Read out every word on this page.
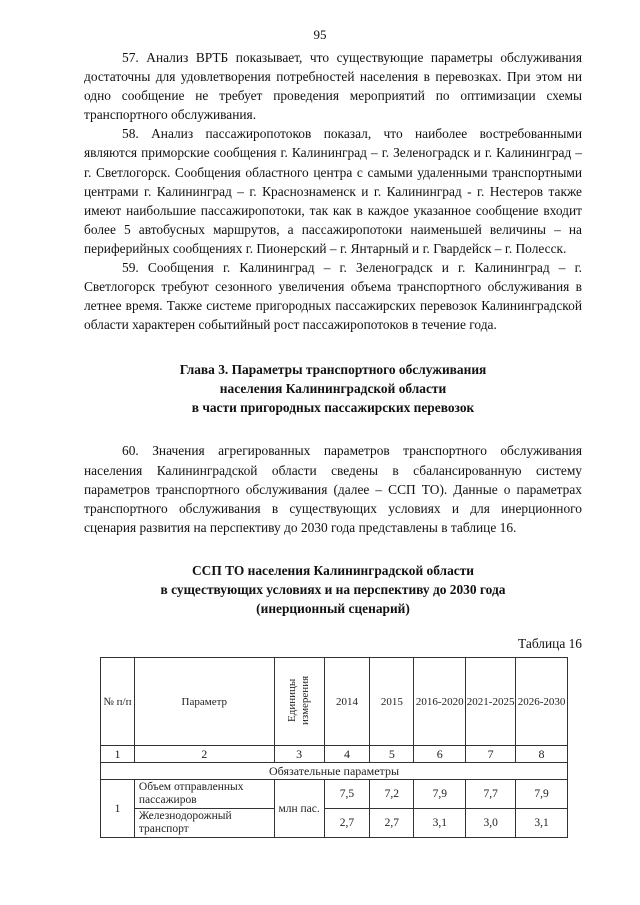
95

57. Анализ ВРТБ показывает, что существующие параметры обслуживания достаточны для удовлетворения потребностей населения в перевозках. При этом ни одно сообщение не требует проведения мероприятий по оптимизации схемы транспортного обслуживания.

58. Анализ пассажиропотоков показал, что наиболее востребованными являются приморские сообщения г. Калининград – г. Зеленоградск и г. Калининград – г. Светлогорск. Сообщения областного центра с самыми удаленными транспортными центрами г. Калининград – г. Краснознаменск и г. Калининград - г. Нестеров также имеют наибольшие пассажиропотоки, так как в каждое указанное сообщение входит более 5 автобусных маршрутов, а пассажиропотоки наименьшей величины – на периферийных сообщениях г. Пионерский – г. Янтарный и г. Гвардейск – г. Полесск.

59. Сообщения г. Калининград – г. Зеленоградск и г. Калининград – г. Светлогорск требуют сезонного увеличения объема транспортного обслуживания в летнее время. Также системе пригородных пассажирских перевозок Калининградской области характерен событийный рост пассажиропотоков в течение года.

Глава 3. Параметры транспортного обслуживания
населения Калининградской области
в части пригородных пассажирских перевозок

60. Значения агрегированных параметров транспортного обслуживания населения Калининградской области сведены в сбалансированную систему параметров транспортного обслуживания (далее – ССП ТО). Данные о параметрах транспортного обслуживания в существующих условиях и для инерционного сценария развития на перспективу до 2030 года представлены в таблице 16.

ССП ТО населения Калининградской области
в существующих условиях и на перспективу до 2030 года
(инерционный сценарий)
Таблица 16
№ п/п	Параметр	Единицы измерения	2014	2015	2016-2020	2021-2025	2026-2030
1	2	3	4	5	6	7	8
Обязательные параметры							
1	Объем отправленных пассажиров	млн пас.	7,5	7,2	7,9	7,7	7,9
	Железнодорожный транспорт		2,7	2,7	3,1	3,0	3,1
